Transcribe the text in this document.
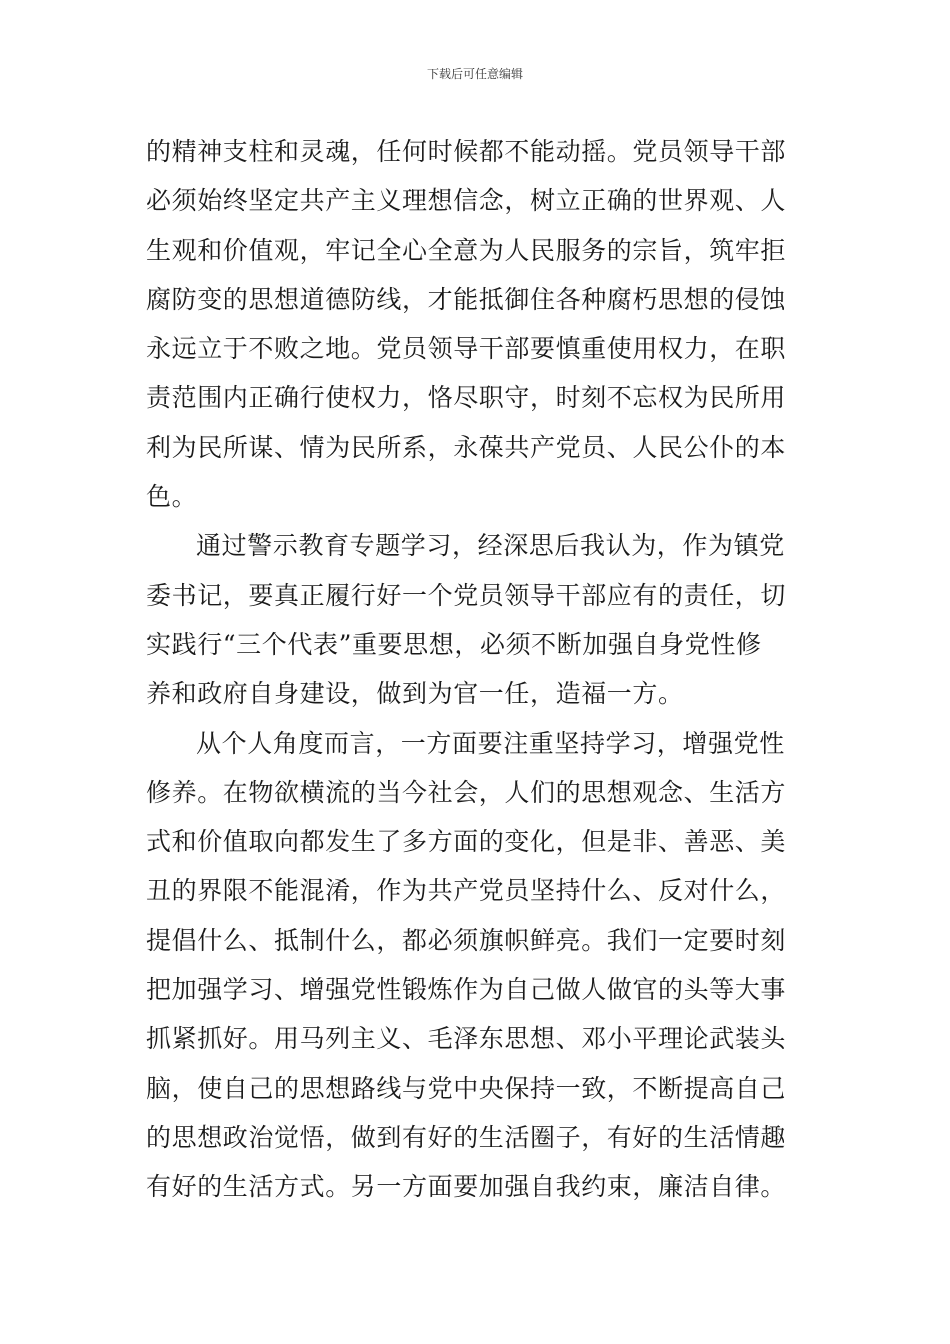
下载后可任意编辑
的精神支柱和灵魂，任何时候都不能动摇。党员领导干部
必须始终坚定共产主义理想信念，树立正确的世界观、人
生观和价值观，牢记全心全意为人民服务的宗旨，筑牢拒
腐防变的思想道德防线，才能抵御住各种腐朽思想的侵蚀
永远立于不败之地。党员领导干部要慎重使用权力，在职
责范围内正确行使权力，恪尽职守，时刻不忘权为民所用
利为民所谋、情为民所系，永葆共产党员、人民公仆的本
色。
通过警示教育专题学习，经深思后我认为，作为镇党
委书记，要真正履行好一个党员领导干部应有的责任，切
实践行“三个代表”重要思想，必须不断加强自身党性修
养和政府自身建设，做到为官一任，造福一方。
从个人角度而言，一方面要注重坚持学习，增强党性
修养。在物欲横流的当今社会，人们的思想观念、生活方
式和价值取向都发生了多方面的变化，但是非、善恶、美
丑的界限不能混淆，作为共产党员坚持什么、反对什么，
提倡什么、抵制什么，都必须旗帜鲜亮。我们一定要时刻
把加强学习、增强党性锻炼作为自己做人做官的头等大事
抓紧抓好。用马列主义、毛泽东思想、邓小平理论武装头
脑，使自己的思想路线与党中央保持一致，不断提高自己
的思想政治觉悟，做到有好的生活圈子，有好的生活情趣
有好的生活方式。另一方面要加强自我约束，廉洁自律。
